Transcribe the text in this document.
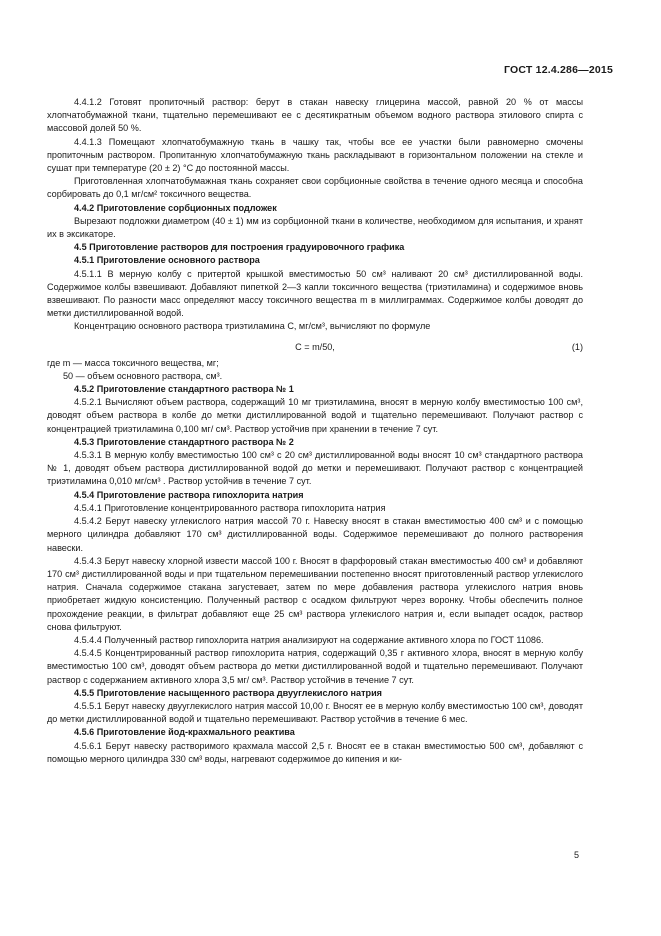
ГОСТ 12.4.286—2015

4.4.1.2 Готовят пропиточный раствор: берут в стакан навеску глицерина массой, равной 20 % от массы хлопчатобумажной ткани, тщательно перемешивают ее с десятикратным объемом водного раствора этилового спирта с массовой долей 50 %.

4.4.1.3 Помещают хлопчатобумажную ткань в чашку так, чтобы все ее участки были равномерно смочены пропиточным раствором. Пропитанную хлопчатобумажную ткань раскладывают в горизонтальном положении на стекле и сушат при температуре (20 ± 2) °С до постоянной массы.

Приготовленная хлопчатобумажная ткань сохраняет свои сорбционные свойства в течение одного месяца и способна сорбировать до 0,1 мг/см² токсичного вещества.

4.4.2 Приготовление сорбционных подложек

Вырезают подложки диаметром (40 ± 1) мм из сорбционной ткани в количестве, необходимом для испытания, и хранят их в эксикаторе.

4.5 Приготовление растворов для построения градуировочного графика

4.5.1 Приготовление основного раствора

4.5.1.1 В мерную колбу с притертой крышкой вместимостью 50 см³ наливают 20 см³ дистиллированной воды. Содержимое колбы взвешивают. Добавляют пипеткой 2—3 капли токсичного вещества (триэтиламина) и содержимое вновь взвешивают. По разности масс определяют массу токсичного вещества m в миллиграммах. Содержимое колбы доводят до метки дистиллированной водой.

Концентрацию основного раствора триэтиламина C, мг/см³, вычисляют по формуле

C = m/50,	(1)

где m — масса токсичного вещества, мг;

50 — объем основного раствора, см³.

4.5.2 Приготовление стандартного раствора № 1

4.5.2.1 Вычисляют объем раствора, содержащий 10 мг триэтиламина, вносят в мерную колбу вместимостью 100 см³, доводят объем раствора в колбе до метки дистиллированной водой и тщательно перемешивают. Получают раствор с концентрацией триэтиламина 0,100 мг/ см³. Раствор устойчив при хранении в течение 7 сут.

4.5.3 Приготовление стандартного раствора № 2

4.5.3.1 В мерную колбу вместимостью 100 см³ с 20 см³ дистиллированной воды вносят 10 см³ стандартного раствора № 1, доводят объем раствора дистиллированной водой до метки и перемешивают. Получают раствор с концентрацией триэтиламина 0,010 мг/см³ . Раствор устойчив в течение 7 сут.

4.5.4 Приготовление раствора гипохлорита натрия

4.5.4.1 Приготовление концентрированного раствора гипохлорита натрия

4.5.4.2 Берут навеску углекислого натрия массой 70 г. Навеску вносят в стакан вместимостью 400 см³ и с помощью мерного цилиндра добавляют 170 см³ дистиллированной воды. Содержимое перемешивают до полного растворения навески.

4.5.4.3 Берут навеску хлорной извести массой 100 г. Вносят в фарфоровый стакан вместимостью 400 см³ и добавляют 170 см³ дистиллированной воды и при тщательном перемешивании постепенно вносят приготовленный раствор углекислого натрия. Сначала содержимое стакана загустевает, затем по мере добавления раствора углекислого натрия вновь приобретает жидкую консистенцию. Полученный раствор с осадком фильтруют через воронку. Чтобы обеспечить полное прохождение реакции, в фильтрат добавляют еще 25 см³ раствора углекислого натрия и, если выпадет осадок, раствор снова фильтруют.

4.5.4.4 Полученный раствор гипохлорита натрия анализируют на содержание активного хлора по ГОСТ 11086.

4.5.4.5 Концентрированный раствор гипохлорита натрия, содержащий 0,35 г активного хлора, вносят в мерную колбу вместимостью 100 см³, доводят объем раствора до метки дистиллированной водой и тщательно перемешивают. Получают раствор с содержанием активного хлора 3,5 мг/ см³. Раствор устойчив в течение 7 сут.

4.5.5 Приготовление насыщенного раствора двууглекислого натрия

4.5.5.1 Берут навеску двууглекислого натрия массой 10,00 г. Вносят ее в мерную колбу вместимостью 100 см³, доводят до метки дистиллированной водой и тщательно перемешивают. Раствор устойчив в течение 6 мес.

4.5.6 Приготовление йод-крахмального реактива

4.5.6.1 Берут навеску растворимого крахмала массой 2,5 г. Вносят ее в стакан вместимостью 500 см³, добавляют с помощью мерного цилиндра 330 см³ воды, нагревают содержимое до кипения и ки-

5
